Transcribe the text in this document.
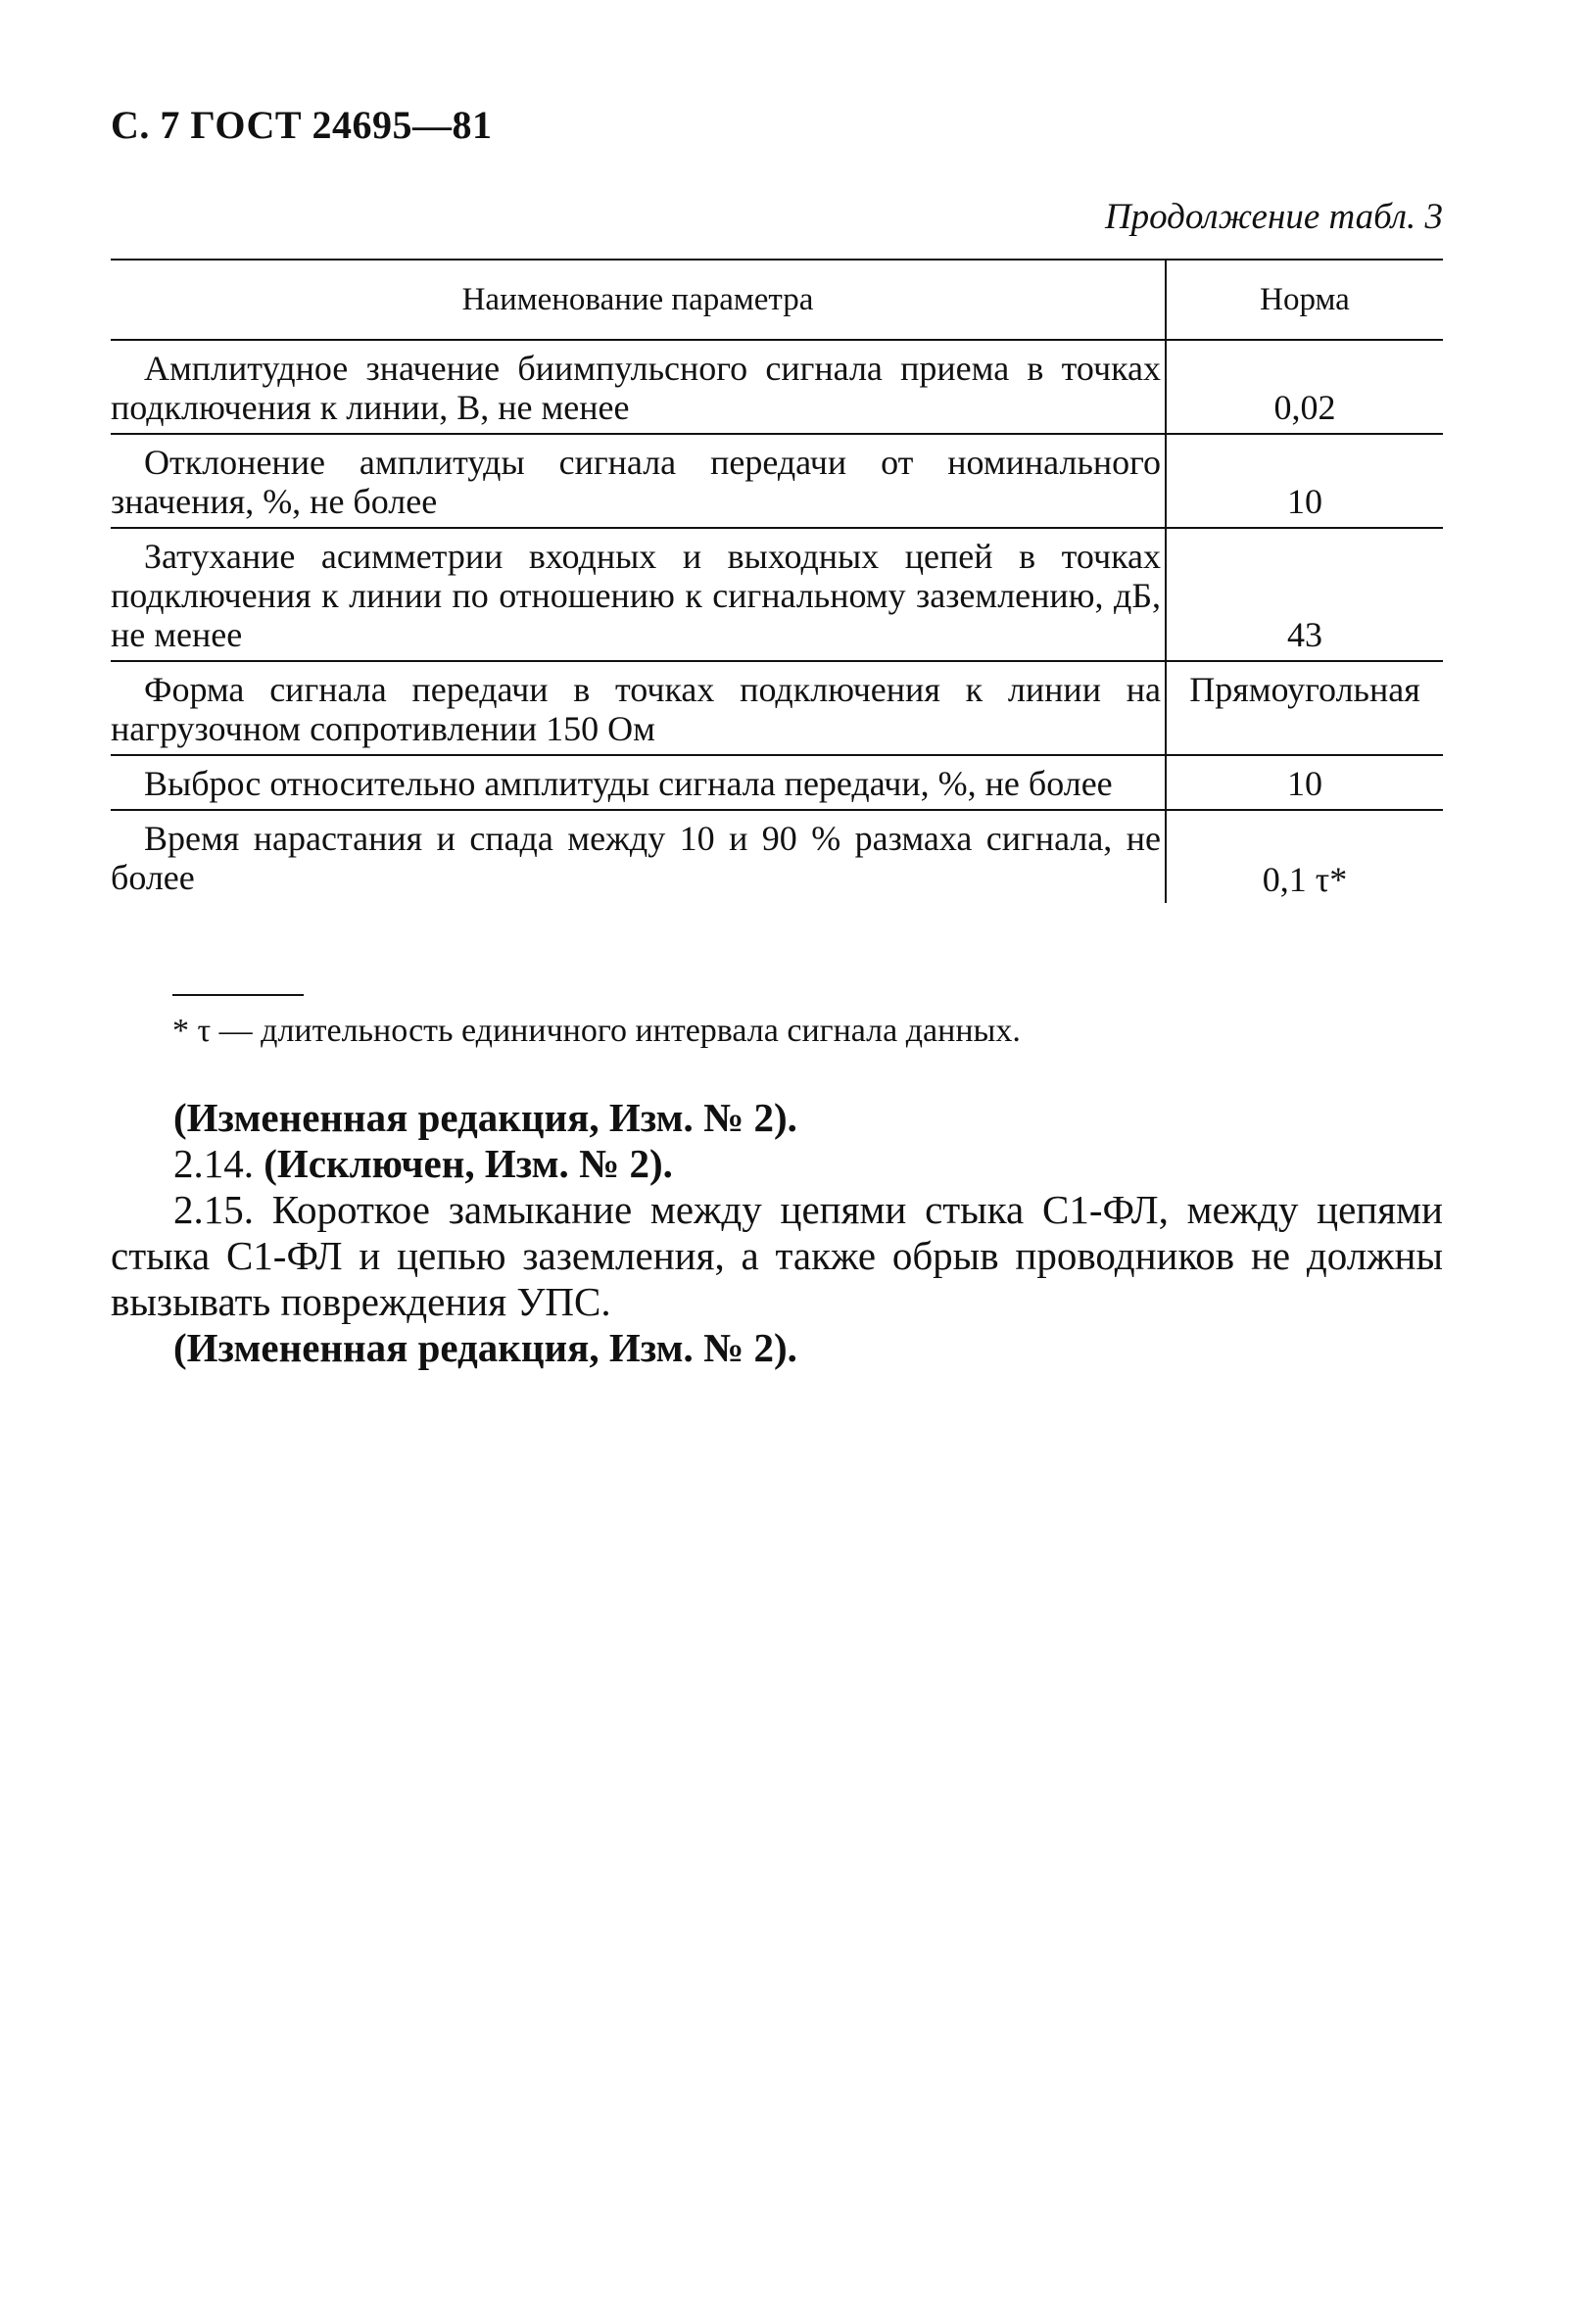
С. 7 ГОСТ 24695—81
Продолжение табл. 3
Наименование параметра	Норма
Амплитудное значение биимпульсного сигнала приема в точках подключения к линии, В, не менее	0,02
Отклонение амплитуды сигнала передачи от номинального значения, %, не более	10
Затухание асимметрии входных и выходных цепей в точках подключения к линии по отношению к сигнальному заземлению, дБ, не менее	43
Форма сигнала передачи в точках подключения к линии на нагрузочном сопротивлении 150 Ом	Прямоугольная
Выброс относительно амплитуды сигнала передачи, %, не более	10
Время нарастания и спада между 10 и 90 % размаха сигнала, не более	0,1 τ*
* τ — длительность единичного интервала сигнала данных.

(Измененная редакция, Изм. № 2).

2.14. (Исключен, Изм. № 2).

2.15. Короткое замыкание между цепями стыка С1-ФЛ, между цепями стыка С1-ФЛ и цепью заземления, а также обрыв проводников не должны вызывать повреждения УПС.

(Измененная редакция, Изм. № 2).
